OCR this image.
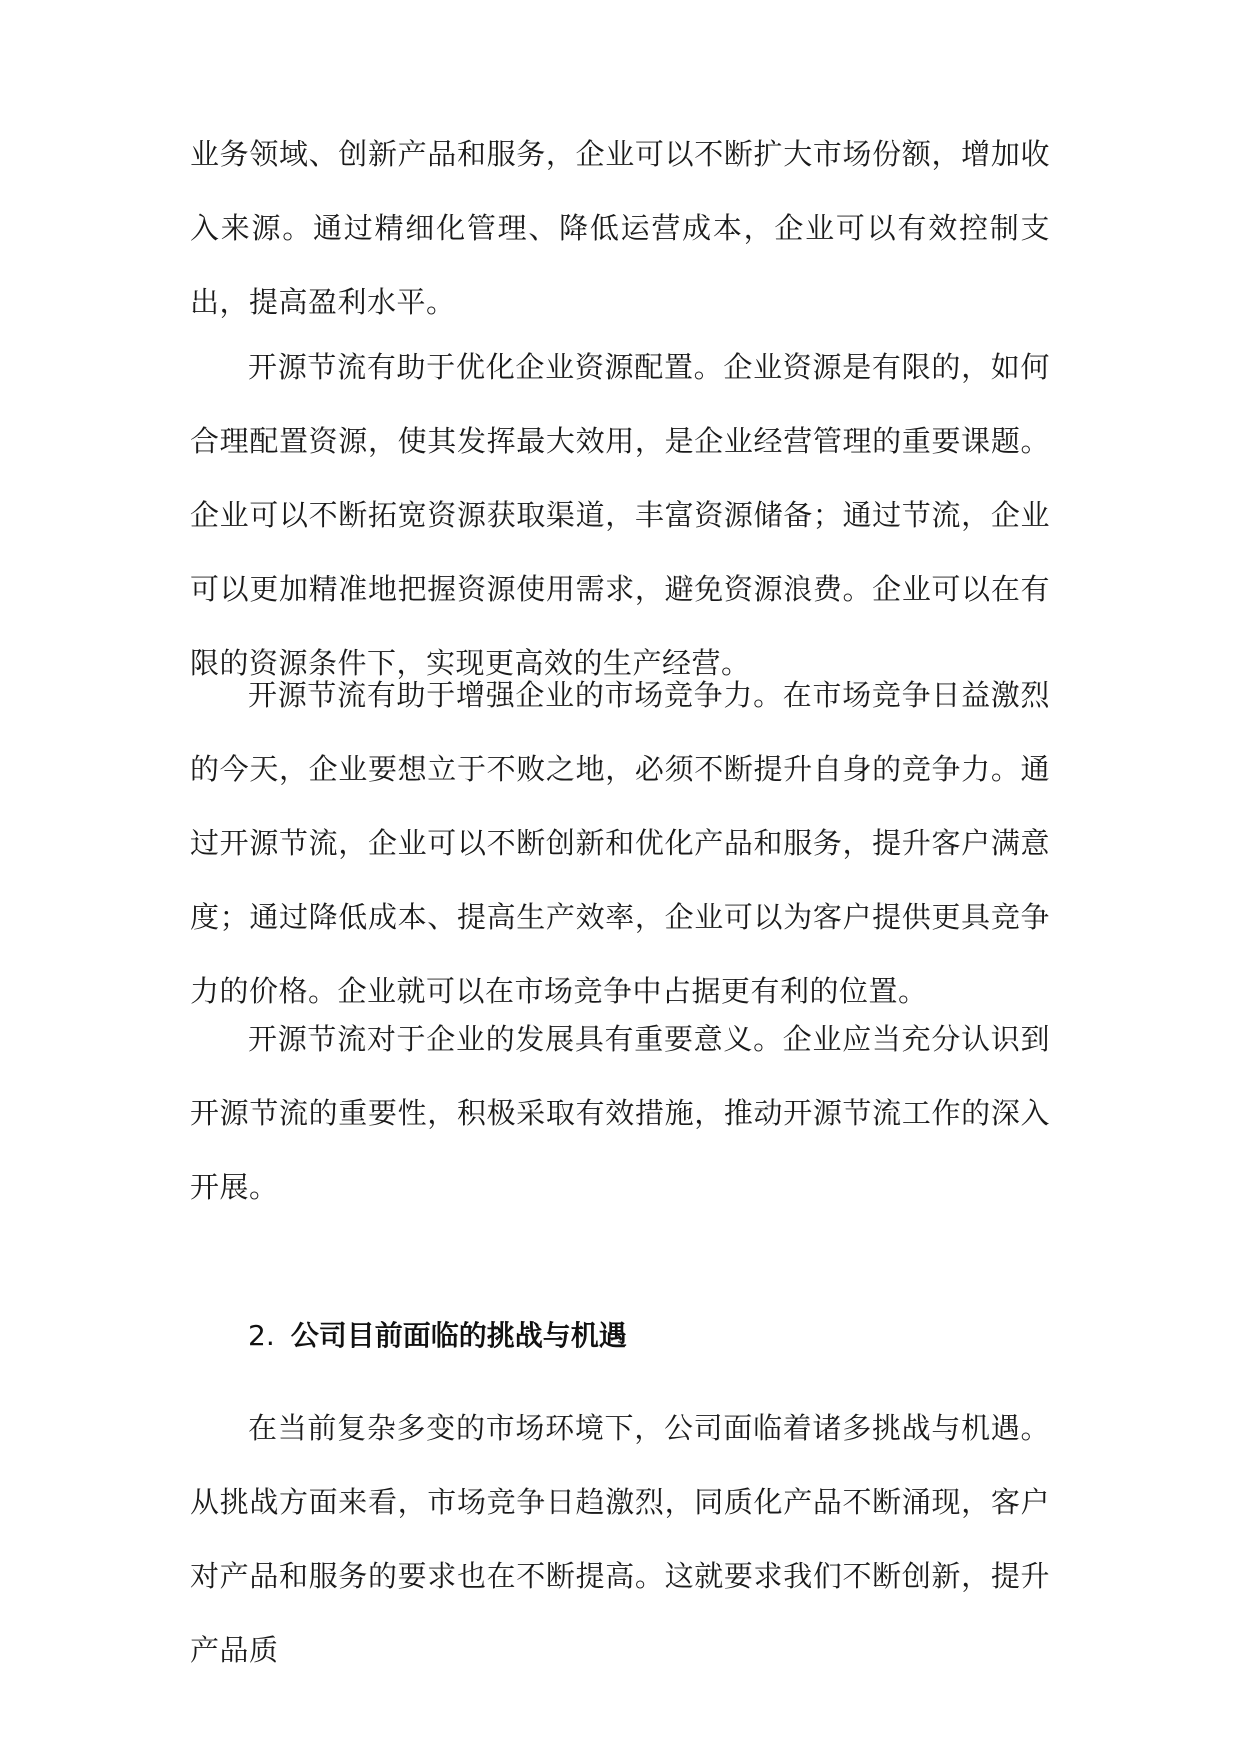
业务领域、创新产品和服务，企业可以不断扩大市场份额，增加收入来源。通过精细化管理、降低运营成本，企业可以有效控制支出，提高盈利水平。

开源节流有助于优化企业资源配置。企业资源是有限的，如何合理配置资源，使其发挥最大效用，是企业经营管理的重要课题。企业可以不断拓宽资源获取渠道，丰富资源储备；通过节流，企业可以更加精准地把握资源使用需求，避免资源浪费。企业可以在有限的资源条件下，实现更高效的生产经营。

开源节流有助于增强企业的市场竞争力。在市场竞争日益激烈的今天，企业要想立于不败之地，必须不断提升自身的竞争力。通过开源节流，企业可以不断创新和优化产品和服务，提升客户满意度；通过降低成本、提高生产效率，企业可以为客户提供更具竞争力的价格。企业就可以在市场竞争中占据更有利的位置。

开源节流对于企业的发展具有重要意义。企业应当充分认识到开源节流的重要性，积极采取有效措施，推动开源节流工作的深入开展。

2. 公司目前面临的挑战与机遇

在当前复杂多变的市场环境下，公司面临着诸多挑战与机遇。从挑战方面来看，市场竞争日趋激烈，同质化产品不断涌现，客户对产品和服务的要求也在不断提高。这就要求我们不断创新，提升产品质
